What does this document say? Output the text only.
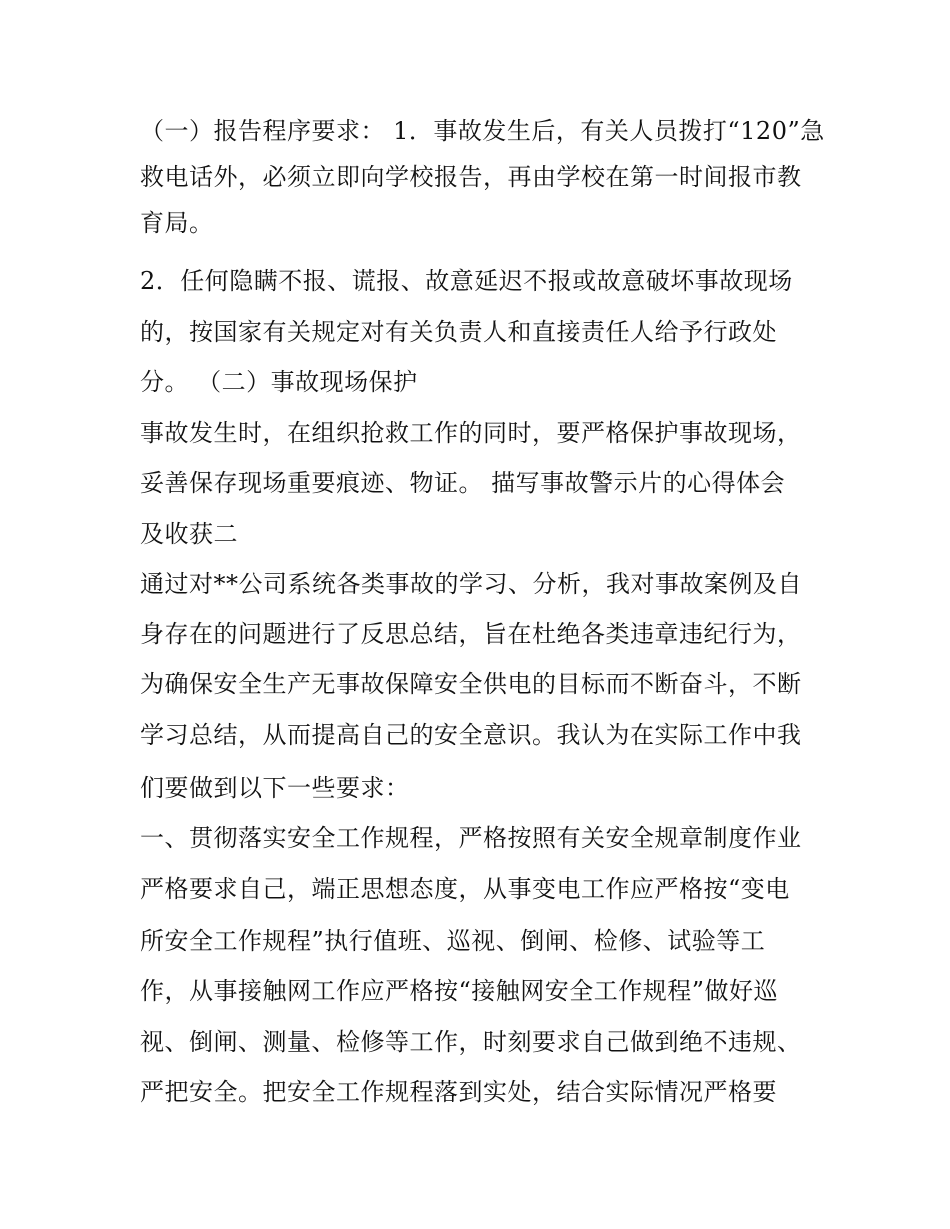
（一）报告程序要求： 1．事故发生后，有关人员拨打“120”急
救电话外，必须立即向学校报告，再由学校在第一时间报市教
育局。
2．任何隐瞒不报、谎报、故意延迟不报或故意破坏事故现场
的，按国家有关规定对有关负责人和直接责任人给予行政处
分。 （二）事故现场保护
事故发生时，在组织抢救工作的同时，要严格保护事故现场，
妥善保存现场重要痕迹、物证。 描写事故警示片的心得体会
及收获二
通过对**公司系统各类事故的学习、分析，我对事故案例及自
身存在的问题进行了反思总结，旨在杜绝各类违章违纪行为，
为确保安全生产无事故保障安全供电的目标而不断奋斗，不断
学习总结，从而提高自己的安全意识。我认为在实际工作中我
们要做到以下一些要求：
一、贯彻落实安全工作规程，严格按照有关安全规章制度作业
严格要求自己，端正思想态度，从事变电工作应严格按“变电
所安全工作规程”执行值班、巡视、倒闸、检修、试验等工
作，从事接触网工作应严格按“接触网安全工作规程”做好巡
视、倒闸、测量、检修等工作，时刻要求自己做到绝不违规、
严把安全。把安全工作规程落到实处，结合实际情况严格要
